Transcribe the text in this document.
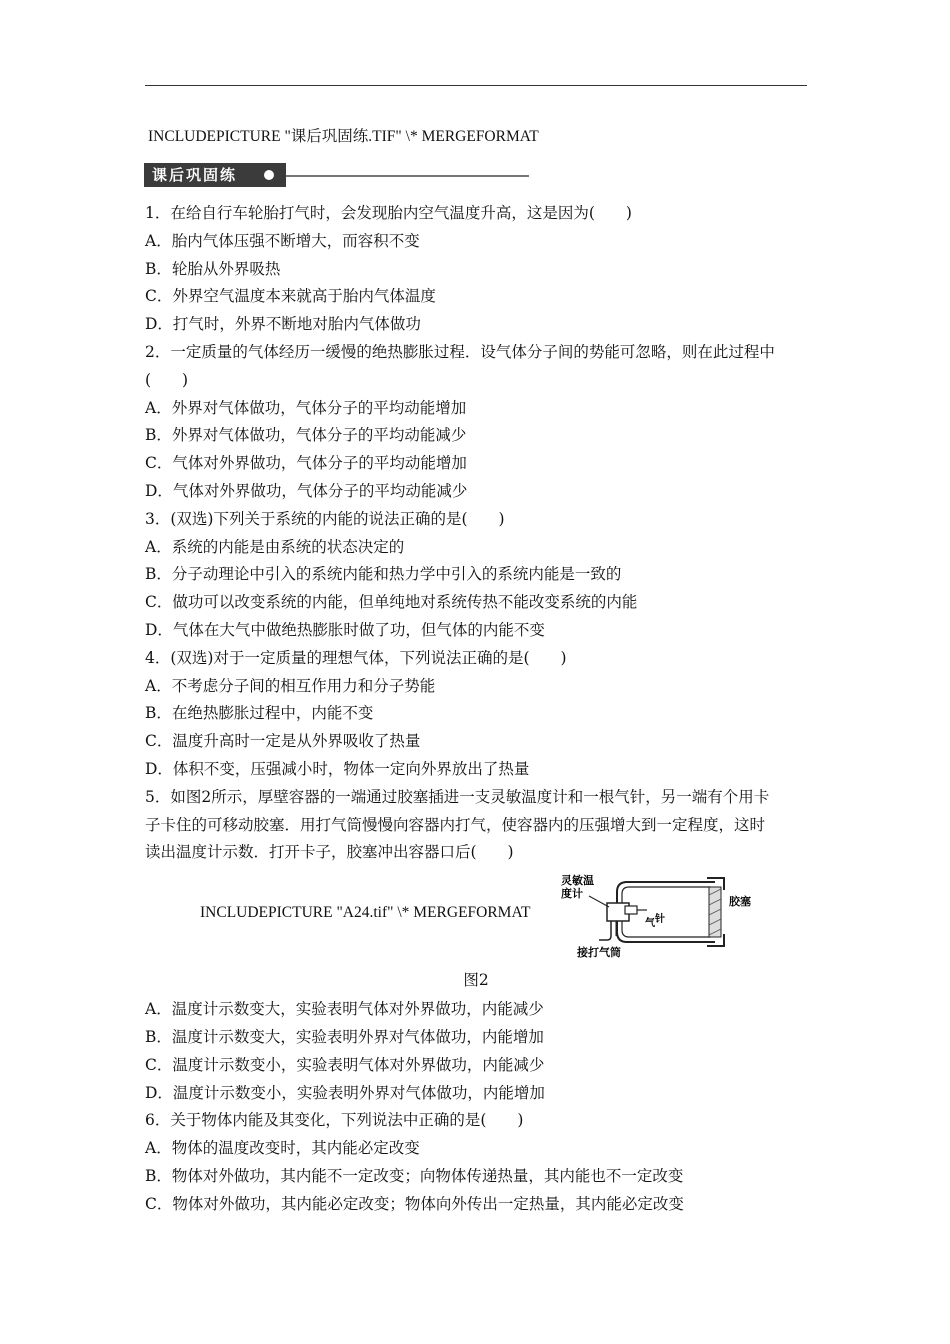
INCLUDEPICTURE "课后巩固练.TIF" \* MERGEFORMAT
课后巩固练
1．在给自行车轮胎打气时，会发现胎内空气温度升高，这是因为(　　)
A．胎内气体压强不断增大，而容积不变
B．轮胎从外界吸热
C．外界空气温度本来就高于胎内气体温度
D．打气时，外界不断地对胎内气体做功
2．一定质量的气体经历一缓慢的绝热膨胀过程．设气体分子间的势能可忽略，则在此过程中
(　　)
A．外界对气体做功，气体分子的平均动能增加
B．外界对气体做功，气体分子的平均动能减少
C．气体对外界做功，气体分子的平均动能增加
D．气体对外界做功，气体分子的平均动能减少
3．(双选)下列关于系统的内能的说法正确的是(　　)
A．系统的内能是由系统的状态决定的
B．分子动理论中引入的系统内能和热力学中引入的系统内能是一致的
C．做功可以改变系统的内能，但单纯地对系统传热不能改变系统的内能
D．气体在大气中做绝热膨胀时做了功，但气体的内能不变
4．(双选)对于一定质量的理想气体，下列说法正确的是(　　)
A．不考虑分子间的相互作用力和分子势能
B．在绝热膨胀过程中，内能不变
C．温度升高时一定是从外界吸收了热量
D．体积不变，压强减小时，物体一定向外界放出了热量
5．如图2所示，厚壁容器的一端通过胶塞插进一支灵敏温度计和一根气针，另一端有个用卡
子卡住的可移动胶塞．用打气筒慢慢向容器内打气，使容器内的压强增大到一定程度，这时
读出温度计示数．打开卡子，胶塞冲出容器口后(　　)
INCLUDEPICTURE "A24.tif" \* MERGEFORMAT
灵敏温
度计
气 针
胶塞
接打气筒
图2
A．温度计示数变大，实验表明气体对外界做功，内能减少
B．温度计示数变大，实验表明外界对气体做功，内能增加
C．温度计示数变小，实验表明气体对外界做功，内能减少
D．温度计示数变小，实验表明外界对气体做功，内能增加
6．关于物体内能及其变化，下列说法中正确的是(　　)
A．物体的温度改变时，其内能必定改变
B．物体对外做功，其内能不一定改变；向物体传递热量，其内能也不一定改变
C．物体对外做功，其内能必定改变；物体向外传出一定热量，其内能必定改变
